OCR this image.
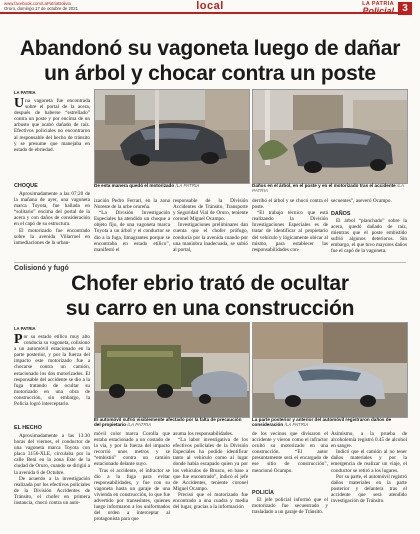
www.facebook.com/LaPatriaBolivia
Oruro, domingo 17 de octubre de 2021	local	LA PATRIA
Policial 3
Abandonó su vagoneta luego de dañar
un árbol y chocar contra un poste
LA PATRIA

Una vagoneta fue encontrada sobre el portal de la acera, después de haberse “estrellado” contra un poste y por encima de un arbusto que acabó dañado de raíz. Efectivos policiales no encontraron al responsable del hecho de tránsito y se presume que manejaba en estado de ebriedad.

CHOQUE

Aproximadamente a las 07:20 de la mañana de ayer, una vagoneta marca Toyota, fue hallada en “solitario” encima del portal de la acera y con daños de consideración en el capó de su estructura.

El motorizado fue encontrado sobre la avenida Villarroel en inmediaciones de la urban-

De esta manera quedó el motorizado /LA PATRIA	Daños en el árbol, en el poste y en el motorizado tras el accidente /LA PATRIA

ización Pedro Ferrari, en la zona Noreste de la urbe orureña.

“La División Investigación Especiales ha atendido un choque a objeto fijo, de una vagoneta marca Toyota a un árbol y el conductor se dio a la fuga, limagrantes porque se encontraba en estado etílico”, manifestó el

responsable de la División Accidentes de Tránsito, Transporte y Seguridad Vial de Oruro, teniente coronel Miguel Ocampo.

Investigaciones preliminares dan cuenta que el chofer prófugo, conducía por la avenida cuando por una maniobra inadecuada, se subió al portal,

derribó el árbol y se chocó contra el poste.

“El trabajo técnico que está realizando la División Investigaciones Especiales es de tratar de identificar al propietario del vehículo y lógicamente ubicar al mismo, para establecer las responsabilidades con-

secuentes”, aseveró Ocampo.

DAÑOS

El árbol “planchado” sobre la acera, quedó dañado de raíz, mientras que el poste embistido sufrió algunos deterioros. Sin embargo, el que tuvo mayores daños fue el capó de la vagoneta.

Colisionó y fugó
Chofer ebrio trató de ocultar
su carro en una construcción
LA PATRIA

Por su estado etílico muy alto conducía su vagoneta, colisionó a un automóvil estacionado en la parte posterior, y por la fuerza del impacto este motorizado fue a chocarse contra un camión, estacionado los dos motorizados. El responsable del accidente se dio a la fuga tratando de ocultar su motorizado en una obra de construcción, sin embargo, la Policía logró interceptarlo.

EL HECHO

Aproximadamente a las 13:30 horas del viernes, el conductor de una vagoneta marca Toyota con placa 3156-XLE, circulaba por la calle Beni en la zona Este de la ciudad de Oruro, cuando se dirigió a la avenida 6 de Octubre.

De acuerdo a la investigación realizada por los efectivos policiales de la División Accidentes de Tránsito, el chofer en primera instancia, chocó contra un auto-

El automóvil sufrió visiblemente afectado por la falta de precaución del propietario /LA PATRIA
La parte posterior y anterior del automóvil registraron daños de consideración /LA PATRIA

móvil color marca Corolla que estaba estacionado a un costado de la vía, y por la fuerza del impacto recorrió unos metros y se “embistió” contra un camión estacionado delante suyo.

Tras el accidente, el infractor se dio a la fuga para evitar responsabilidades, y fue con su vagoneta hasta un garaje de una vivienda en construcción, lo que fue advertido por transeúntes, quienes luego informaron a los uniformados del orden a interceptar al protagonista para que

asuma los responsabilidades.

“La labor investigativa de los efectivos policiales de la División Especiales ha podido identificar tanto al vehículo como al lugar donde había escapado quien ya por los vehículos de Brusco, en base a que fue encontrado”, indicó el jefe de Accidentes, teniente coronel Miguel Ocampo.

Precisó que el motorizado fue encontrado a una cuadra y media del lugar, gracias a la información

de los vecinos que divisaron el accidente y vieron como el infractor ocultó su motorizado en una construcción. “El autor presuntamente será el encargado de ese sitio de construcción”, mencionó Ocampo.

POLICÍA

El jefe policial informó que el motorizado fue secuestrado y trasladado a un garaje de Tránsito.

Asimismo, a la prueba de alcoholemia registró 0.45 de alcohol en sangre.

Indicó que el camión al no tener daños materiales y por la emergencia de realizar un viaje, el conductor se retiró a los lugares.

Por su parte, el automóvil registró daños materiales en la parte posterior y delantera tras el accidente que será atendido investigación de Tránsito.
